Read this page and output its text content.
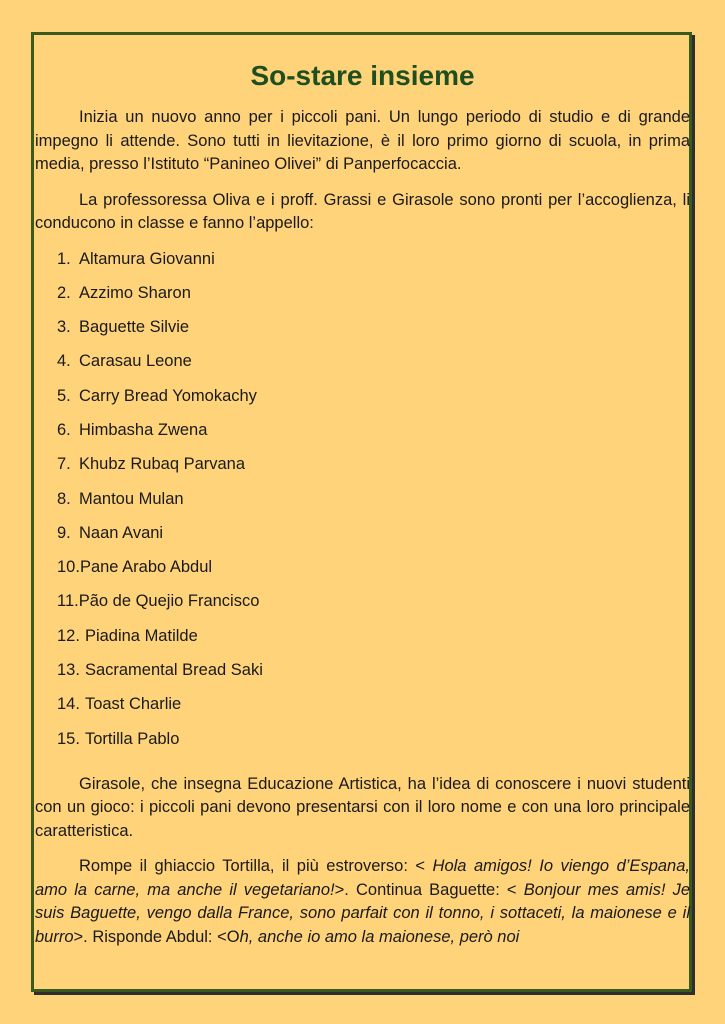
So-stare insieme

Inizia un nuovo anno per i piccoli pani. Un lungo periodo di studio e di grande impegno li attende. Sono tutti in lievitazione, è il loro primo giorno di scuola, in prima media, presso l’Istituto “Panineo Olivei” di Panperfocaccia.

La professoressa Oliva e i proff. Grassi e Girasole sono pronti per l’accoglienza, li conducono in classe e fanno l’appello:

1. Altamura Giovanni
2. Azzimo Sharon
3. Baguette Silvie
4. Carasau Leone
5. Carry Bread Yomokachy
6. Himbasha Zwena
7. Khubz Rubaq Parvana
8. Mantou Mulan
9. Naan Avani
10.Pane Arabo Abdul
11.Pão de Quejio Francisco
12. Piadina Matilde
13. Sacramental Bread Saki
14. Toast Charlie
15. Tortilla Pablo

Girasole, che insegna Educazione Artistica, ha l’idea di conoscere i nuovi studenti con un gioco: i piccoli pani devono presentarsi con il loro nome e con una loro principale caratteristica.

Rompe il ghiaccio Tortilla, il più estroverso: < Hola amigos! Io viengo d’Espana, amo la carne, ma anche il vegetariano!>. Continua Baguette: < Bonjour mes amis! Je suis Baguette, vengo dalla France, sono parfait con il tonno, i sottaceti, la maionese e il burro>. Risponde Abdul: <Oh, anche io amo la maionese, però noi
